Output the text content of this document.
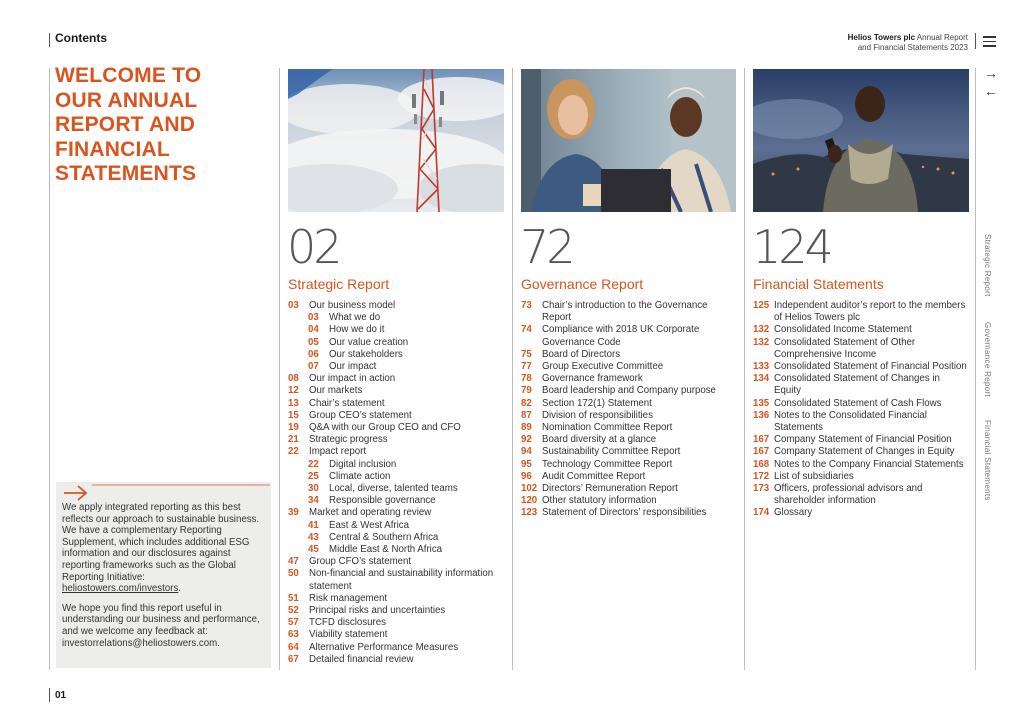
Contents	Helios Towers plc Annual Report
and Financial Statements 2023
WELCOME TO
OUR ANNUAL
REPORT AND
FINANCIAL
STATEMENTS

We apply integrated reporting as this best reflects our approach to sustainable business. We have a complementary Reporting Supplement, which includes additional ESG information and our disclosures against reporting frameworks such as the Global Reporting Initiative:
heliostowers.com/investors.

We hope you find this report useful in understanding our business and performance, and we welcome any feedback at:
investorrelations@heliostowers.com.

02
Strategic Report
03	Our business model
03	What we do
04	How we do it
05	Our value creation
06	Our stakeholders
07	Our impact
08	Our impact in action
12	Our markets
13	Chair’s statement
15	Group CEO’s statement
19	Q&A with our Group CEO and CFO
21	Strategic progress
22	Impact report
22	Digital inclusion
25	Climate action
30	Local, diverse, talented teams
34	Responsible governance
39	Market and operating review
41	East & West Africa
43	Central & Southern Africa
45	Middle East & North Africa
47	Group CFO’s statement
50	Non-financial and sustainability information statement
51	Risk management
52	Principal risks and uncertainties
57	TCFD disclosures
63	Viability statement
64	Alternative Performance Measures
67	Detailed financial review
72
Governance Report
73	Chair’s introduction to the Governance Report
74	Compliance with 2018 UK Corporate Governance Code
75	Board of Directors
77	Group Executive Committee
78	Governance framework
79	Board leadership and Company purpose
82	Section 172(1) Statement
87	Division of responsibilities
89	Nomination Committee Report
92	Board diversity at a glance
94	Sustainability Committee Report
95	Technology Committee Report
96	Audit Committee Report
102 Directors’ Remuneration Report
120 Other statutory information
123 Statement of Directors’ responsibilities
124
Financial Statements
125 Independent auditor’s report to the members of Helios Towers plc
132 Consolidated Income Statement
132 Consolidated Statement of Other Comprehensive Income
133 Consolidated Statement of Financial Position
134 Consolidated Statement of Changes in Equity
135 Consolidated Statement of Cash Flows
136 Notes to the Consolidated Financial Statements
167 Company Statement of Financial Position
167 Company Statement of Changes in Equity
168 Notes to the Company Financial Statements
172 List of subsidiaries
173 Officers, professional advisors and shareholder information
174 Glossary
→
←
Strategic Report
Governance Report
Financial Statements
01
